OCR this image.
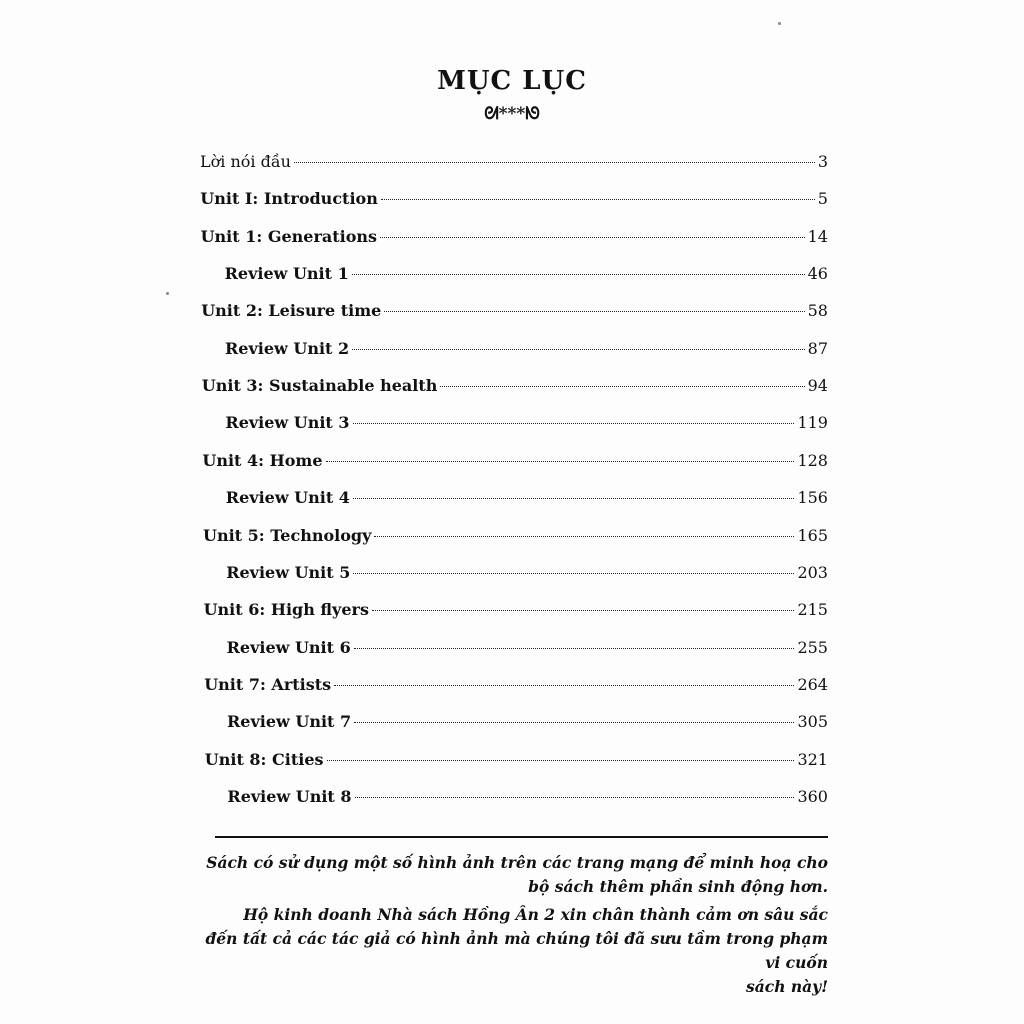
MỤC LỤC
ᘛ***ᘚ
Lời nói đầu	3
Unit I: Introduction	5
Unit 1: Generations	14
Review Unit 1	46
Unit 2: Leisure time	58
Review Unit 2	87
Unit 3: Sustainable health	94
Review Unit 3	119
Unit 4: Home	128
Review Unit 4	156
Unit 5: Technology	165
Review Unit 5	203
Unit 6: High flyers	215
Review Unit 6	255
Unit 7: Artists	264
Review Unit 7	305
Unit 8: Cities	321
Review Unit 8	360
Sách có sử dụng một số hình ảnh trên các trang mạng để minh hoạ cho
bộ sách thêm phần sinh động hơn.
Hộ kinh doanh Nhà sách Hồng Ân 2 xin chân thành cảm ơn sâu sắc
đến tất cả các tác giả có hình ảnh mà chúng tôi đã sưu tầm trong phạm vi cuốn
sách này!
